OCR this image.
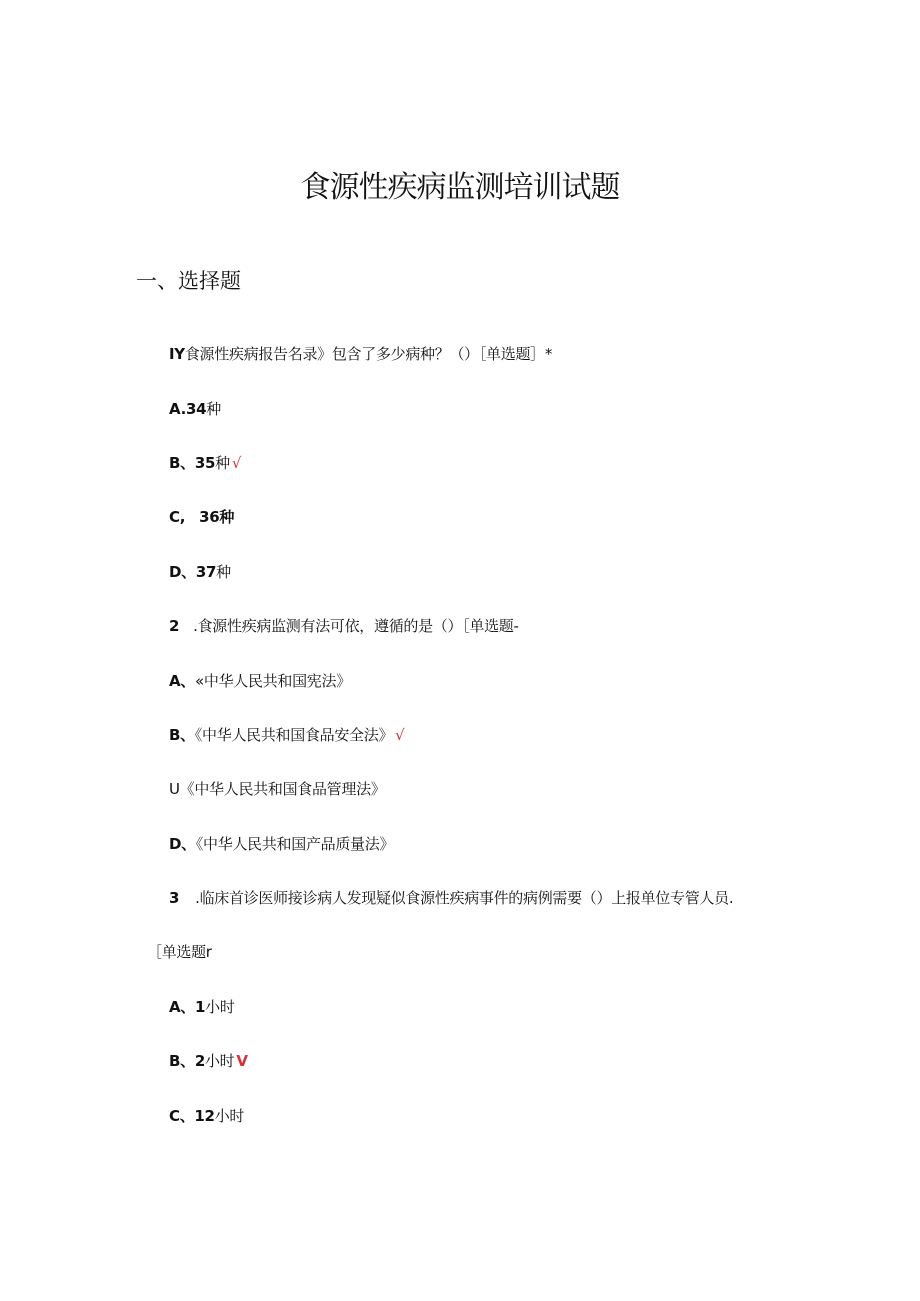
食源性疾病监测培训试题
一、选择题
IY食源性疾病报告名录》包含了多少病种？（）［单选题］*
A.34种
B、35种 √
C, 36种
D、37种
2 .食源性疾病监测有法可依，遵循的是（）［单选题-
A、«中华人民共和国宪法》
B、《中华人民共和国食品安全法》 √
U《中华人民共和国食品管理法》
D、《中华人民共和国产品质量法》
3 .临床首诊医师接诊病人发现疑似食源性疾病事件的病例需要（）上报单位专管人员.
［单选题r
A、1小时
B、2小时 V
C、12小时
